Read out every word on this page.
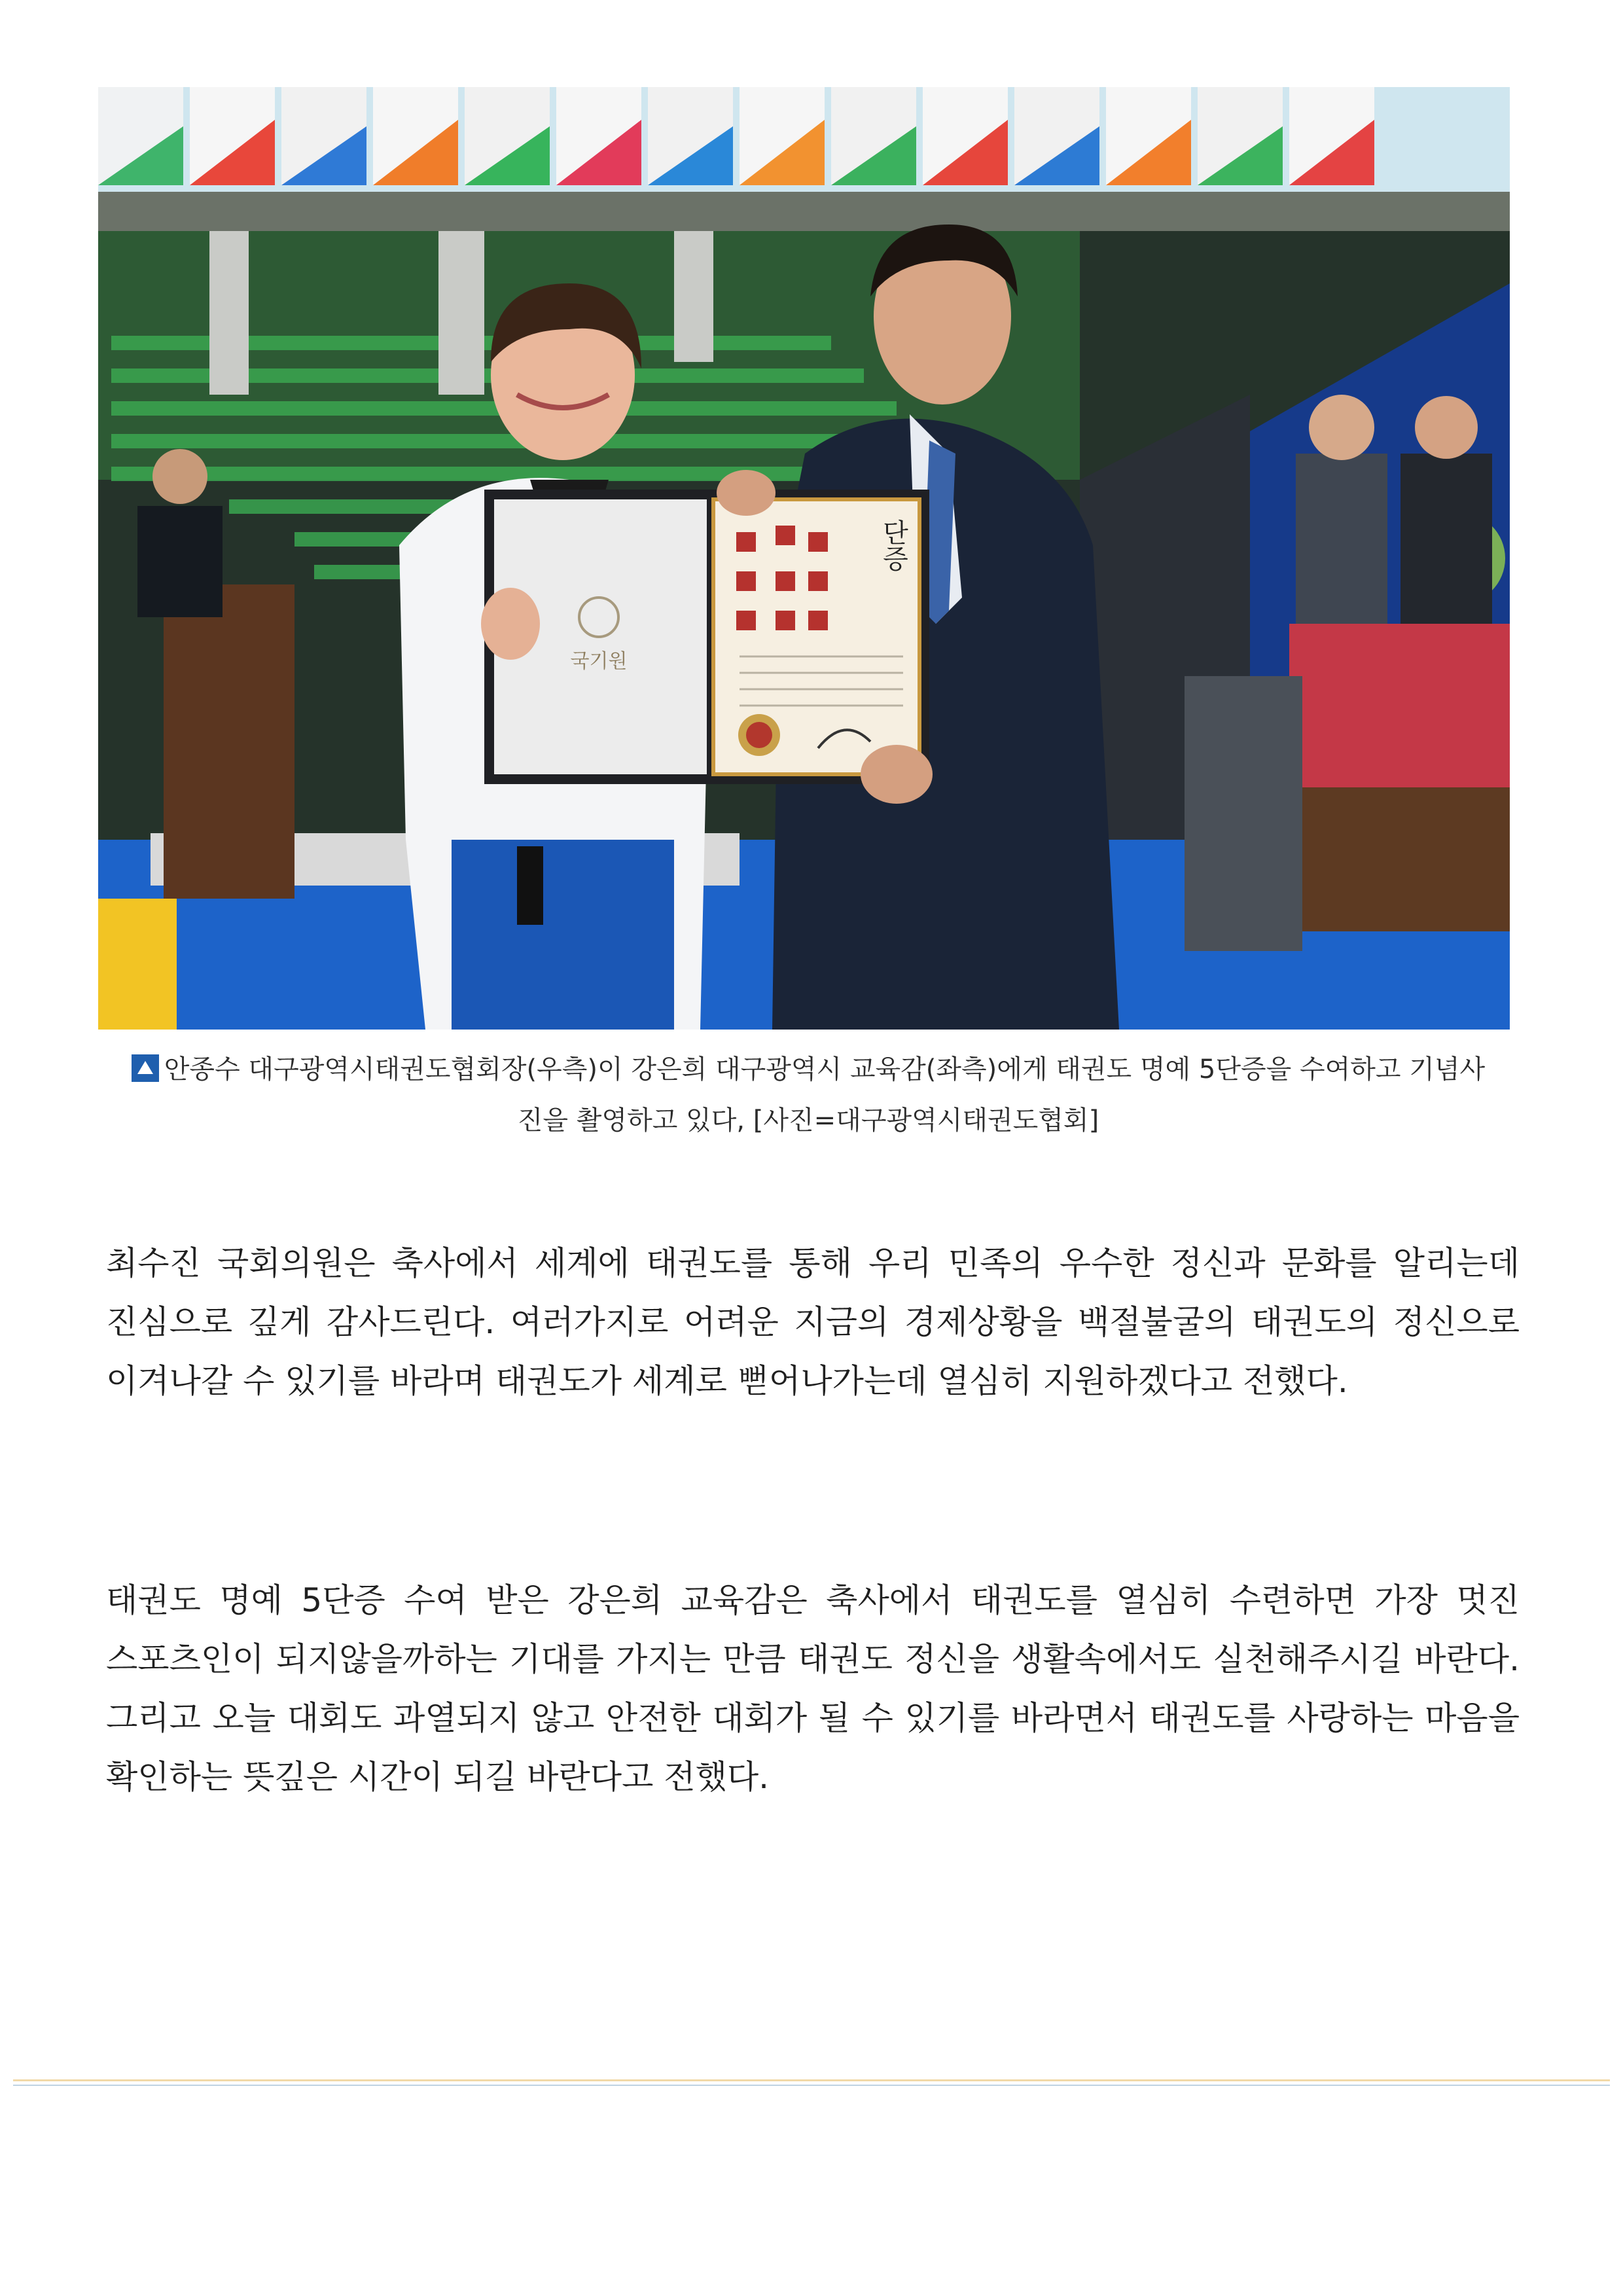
국기원
단증
안종수 대구광역시태권도협회장(우측)이 강은희 대구광역시 교육감(좌측)에게 태권도 명예 5단증을 수여하고 기념사
진을 촬영하고 있다, [사진=대구광역시태권도협회]
최수진 국회의원은 축사에서 세계에 태권도를 통해 우리 민족의 우수한 정신과 문화를 알리는데 진심으로 깊게 감사드린다. 여러가지로 어려운 지금의 경제상황을 백절불굴의 태권도의 정신으로 이겨나갈 수 있기를 바라며 태권도가 세계로 뻗어나가는데 열심히 지원하겠다고 전했다.
태권도 명예 5단증 수여 받은 강은희 교육감은 축사에서 태권도를 열심히 수련하면 가장 멋진 스포츠인이 되지않을까하는 기대를 가지는 만큼 태권도 정신을 생활속에서도 실천해주시길 바란다. 그리고 오늘 대회도 과열되지 않고 안전한 대회가 될 수 있기를 바라면서 태권도를 사랑하는 마음을 확인하는 뜻깊은 시간이 되길 바란다고 전했다.
